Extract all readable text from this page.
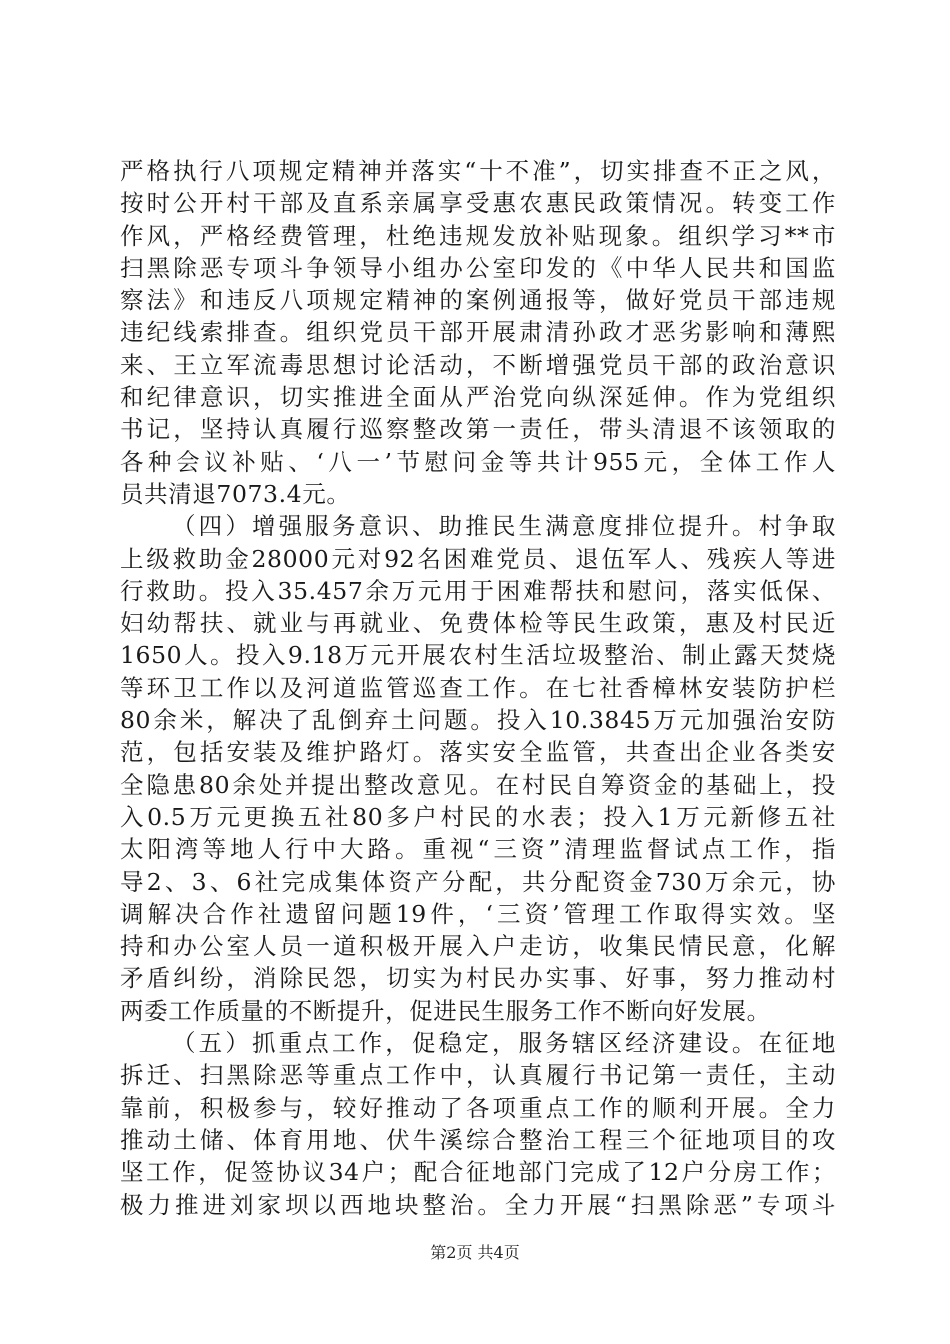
严格执行八项规定精神并落实“十不准”，切实排查不正之风，
按时公开村干部及直系亲属享受惠农惠民政策情况。转变工作
作风，严格经费管理，杜绝违规发放补贴现象。组织学习**市
扫黑除恶专项斗争领导小组办公室印发的《中华人民共和国监
察法》和违反八项规定精神的案例通报等，做好党员干部违规
违纪线索排查。组织党员干部开展肃清孙政才恶劣影响和薄熙
来、王立军流毒思想讨论活动，不断增强党员干部的政治意识
和纪律意识，切实推进全面从严治党向纵深延伸。作为党组织
书记，坚持认真履行巡察整改第一责任，带头清退不该领取的
各种会议补贴、‘八一’节慰问金等共计955元，全体工作人
员共清退7073.4元。
（四）增强服务意识、助推民生满意度排位提升。村争取
上级救助金28000元对92名困难党员、退伍军人、残疾人等进
行救助。投入35.457余万元用于困难帮扶和慰问，落实低保、
妇幼帮扶、就业与再就业、免费体检等民生政策，惠及村民近
1650人。投入9.18万元开展农村生活垃圾整治、制止露天焚烧
等环卫工作以及河道监管巡查工作。在七社香樟林安装防护栏
80余米，解决了乱倒弃土问题。投入10.3845万元加强治安防
范，包括安装及维护路灯。落实安全监管，共查出企业各类安
全隐患80余处并提出整改意见。在村民自筹资金的基础上，投
入0.5万元更换五社80多户村民的水表；投入1万元新修五社
太阳湾等地人行中大路。重视“三资”清理监督试点工作，指
导2、3、6社完成集体资产分配，共分配资金730万余元，协
调解决合作社遗留问题19件，‘三资’管理工作取得实效。坚
持和办公室人员一道积极开展入户走访，收集民情民意，化解
矛盾纠纷，消除民怨，切实为村民办实事、好事，努力推动村
两委工作质量的不断提升，促进民生服务工作不断向好发展。
（五）抓重点工作，促稳定，服务辖区经济建设。在征地
拆迁、扫黑除恶等重点工作中，认真履行书记第一责任，主动
靠前，积极参与，较好推动了各项重点工作的顺利开展。全力
推动土储、体育用地、伏牛溪综合整治工程三个征地项目的攻
坚工作，促签协议34户；配合征地部门完成了12户分房工作；
极力推进刘家坝以西地块整治。全力开展“扫黑除恶”专项斗
第2页 共4页
